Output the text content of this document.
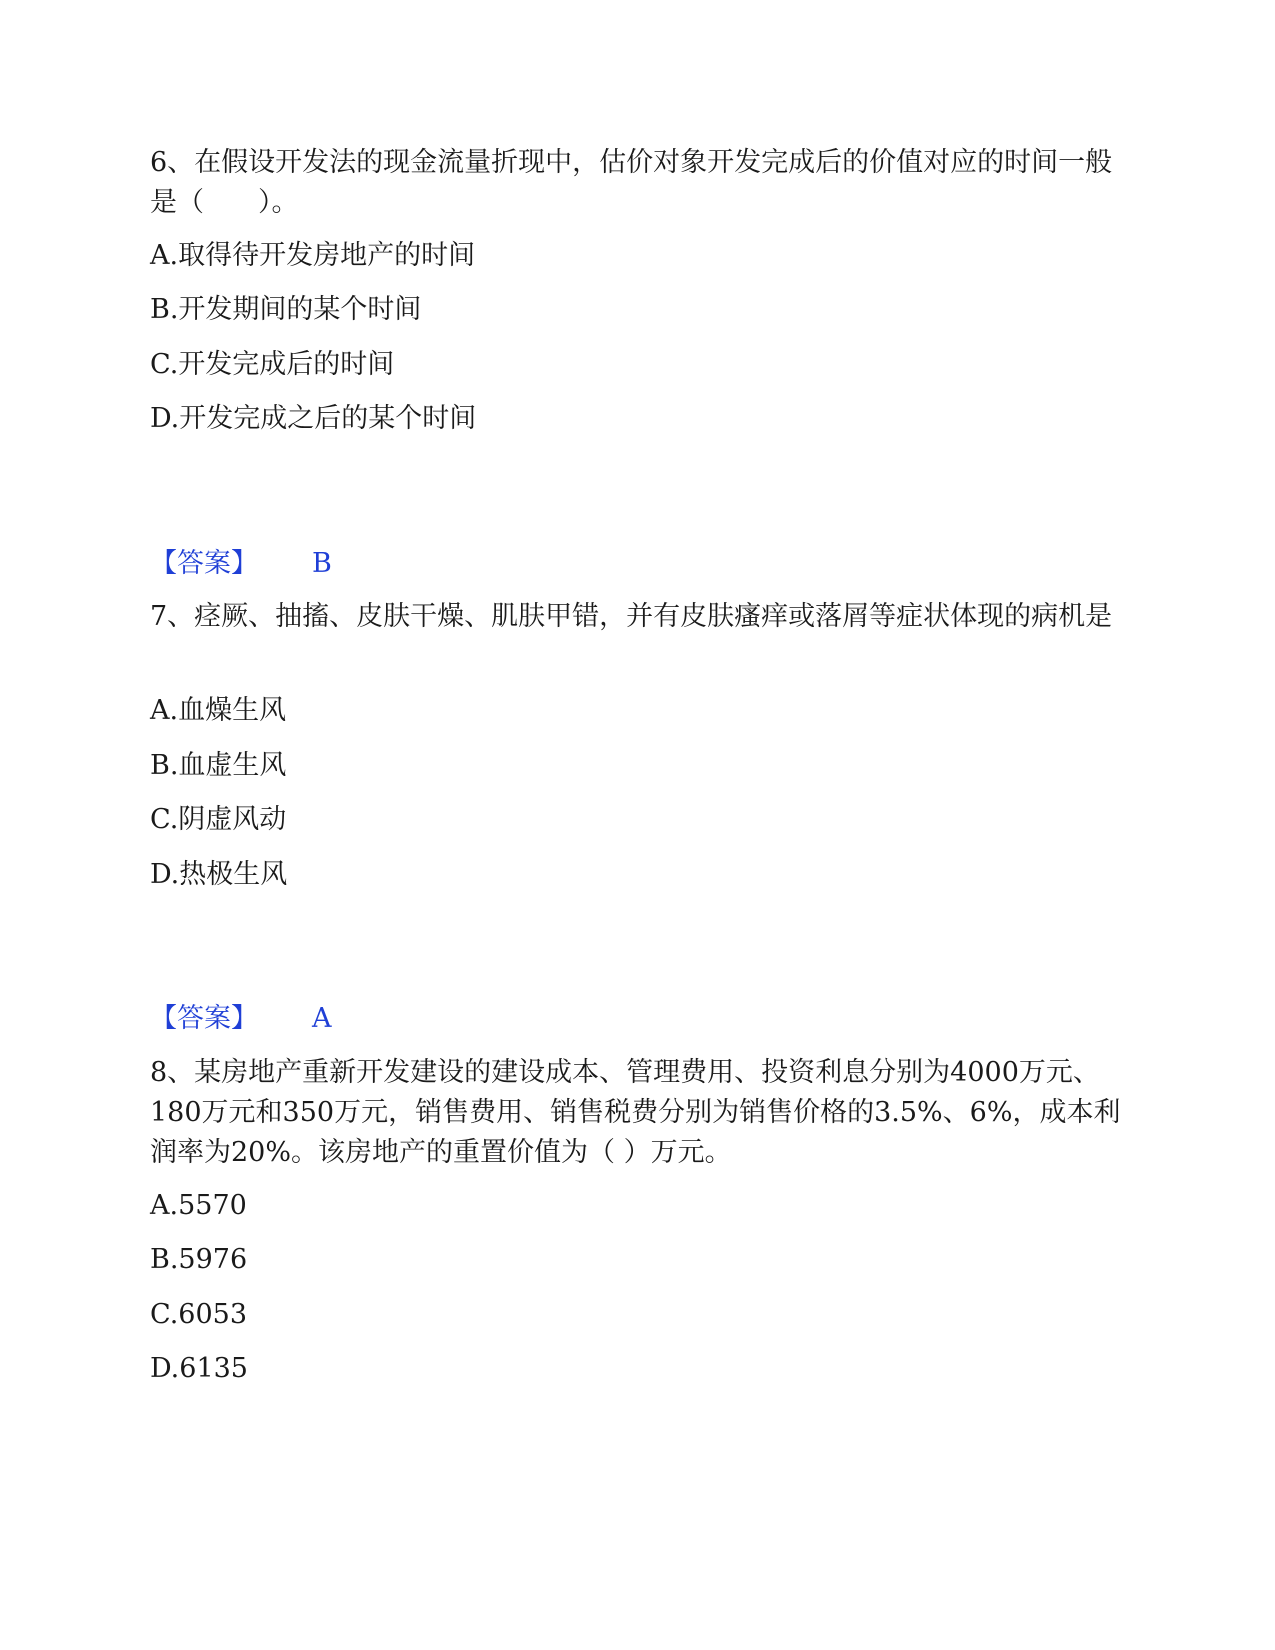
6、在假设开发法的现金流量折现中，估价对象开发完成后的价值对应的时间一般是（　　）。

A.取得待开发房地产的时间

B.开发期间的某个时间

C.开发完成后的时间

D.开发完成之后的某个时间

【答案】 B

7、痉厥、抽搐、皮肤干燥、肌肤甲错，并有皮肤瘙痒或落屑等症状体现的病机是

A.血燥生风

B.血虚生风

C.阴虚风动

D.热极生风

【答案】 A

8、某房地产重新开发建设的建设成本、管理费用、投资利息分别为4000万元、180万元和350万元，销售费用、销售税费分别为销售价格的3.5%、6%，成本利润率为20%。该房地产的重置价值为（ ）万元。

A.5570

B.5976

C.6053

D.6135
